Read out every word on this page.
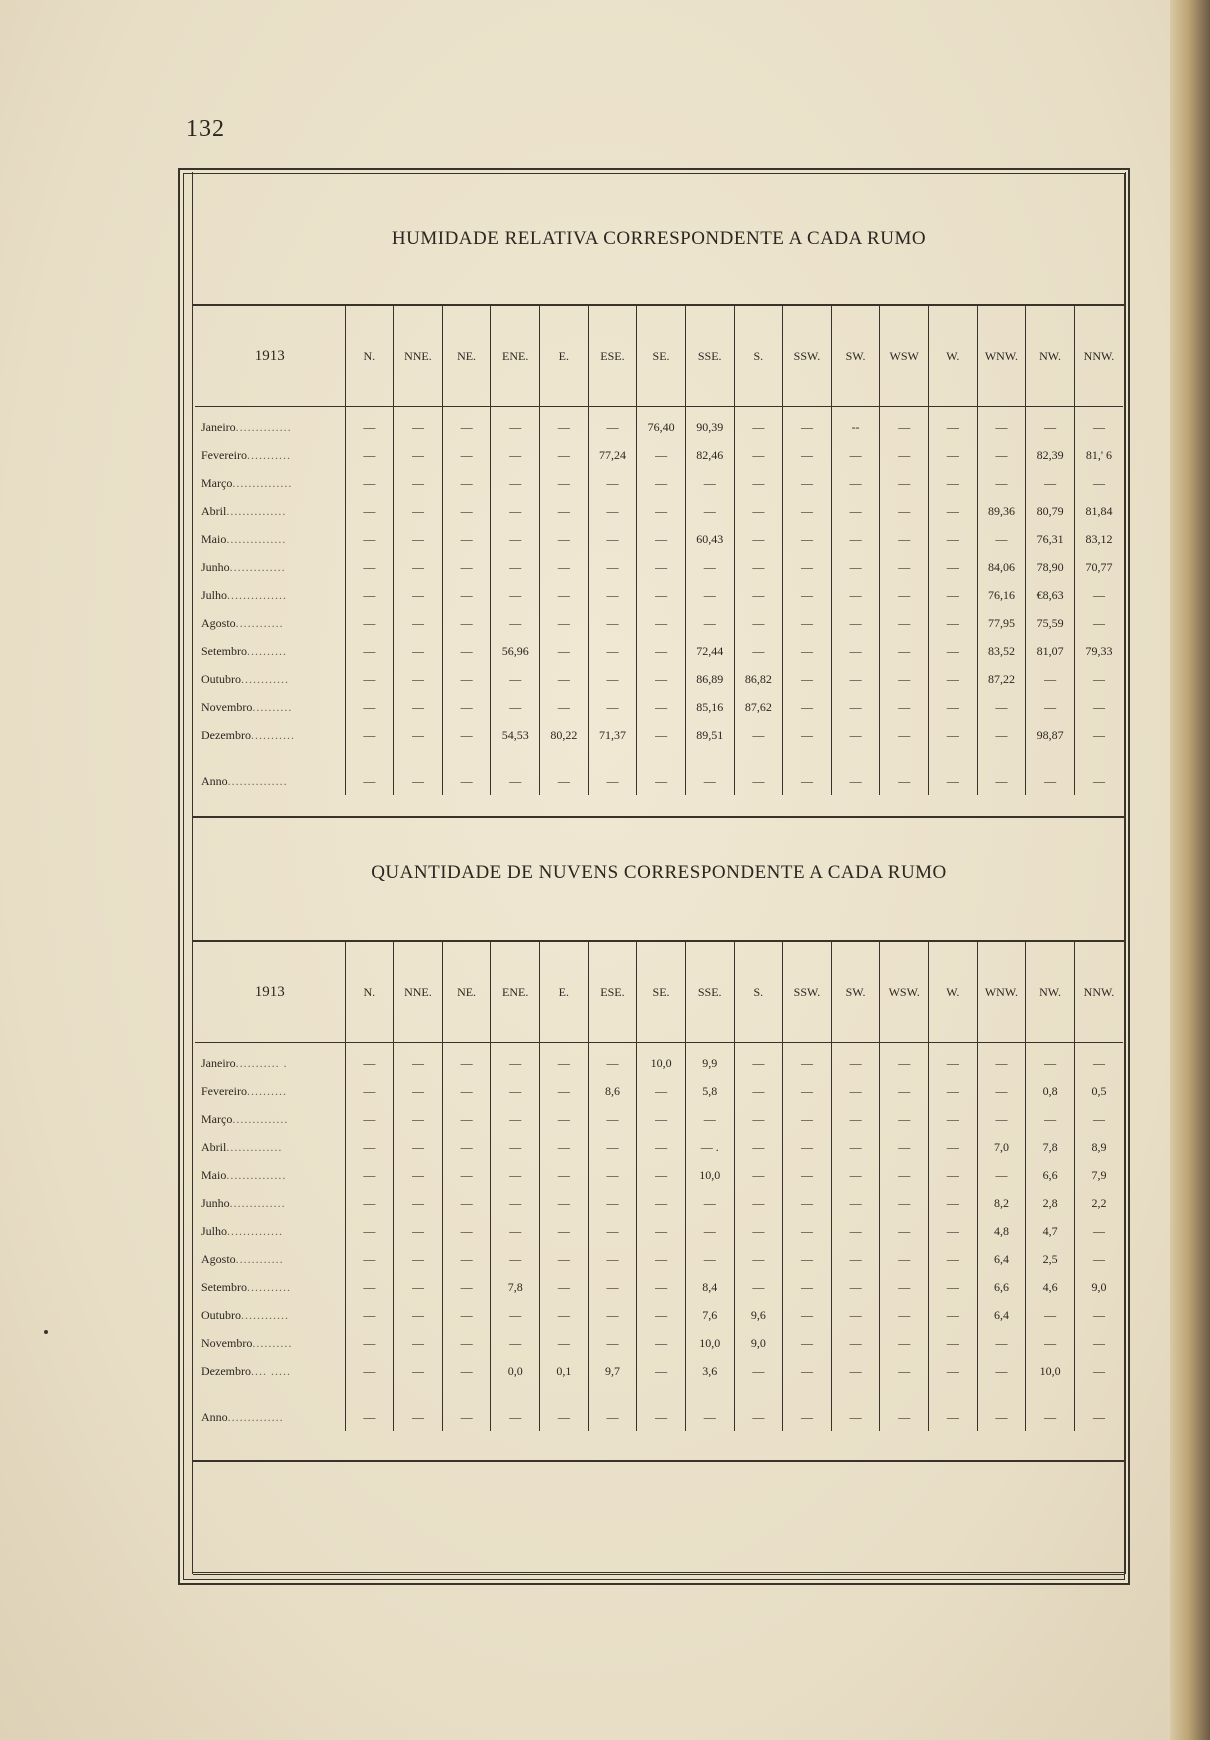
132
HUMIDADE RELATIVA CORRESPONDENTE A CADA RUMO
1913	N.	NNE.	NE.	ENE.	E.	ESE.	SE.	SSE.	S.	SSW.	SW.	WSW	W.	WNW.	NW.	NNW.

Janeiro..............	—	—	—	—	—	—	76,40	90,39	—	—	--	—	—	—	—	—
Fevereiro...........	—	—	—	—	—	77,24	—	82,46	—	—	—	—	—	—	82,39	81,' 6
Março...............	—	—	—	—	—	—	—	—	—	—	—	—	—	—	—	—
Abril...............	—	—	—	—	—	—	—	—	—	—	—	—	—	89,36	80,79	81,84
Maio...............	—	—	—	—	—	—	—	60,43	—	—	—	—	—	—	76,31	83,12
Junho..............	—	—	—	—	—	—	—	—	—	—	—	—	—	84,06	78,90	70,77
Julho...............	—	—	—	—	—	—	—	—	—	—	—	—	—	76,16	€8,63	—
Agosto............	—	—	—	—	—	—	—	—	—	—	—	—	—	77,95	75,59	—
Setembro..........	—	—	—	56,96	—	—	—	72,44	—	—	—	—	—	83,52	81,07	79,33
Outubro............	—	—	—	—	—	—	—	86,89	86,82	—	—	—	—	87,22	—	—
Novembro..........	—	—	—	—	—	—	—	85,16	87,62	—	—	—	—	—	—	—
Dezembro...........	—	—	—	54,53	80,22	71,37	—	89,51	—	—	—	—	—	—	98,87	—
Anno...............	—	—	—	—	—	—	—	—	—	—	—	—	—	—	—	—
QUANTIDADE DE NUVENS CORRESPONDENTE A CADA RUMO
1913	N.	NNE.	NE.	ENE.	E.	ESE.	SE.	SSE.	S.	SSW.	SW.	WSW.	W.	WNW.	NW.	NNW.

Janeiro........... .	—	—	—	—	—	—	10,0	9,9	—	—	—	—	—	—	—	—
Fevereiro..........	—	—	—	—	—	8,6	—	5,8	—	—	—	—	—	—	0,8	0,5
Março..............	—	—	—	—	—	—	—	—	—	—	—	—	—	—	—	—
Abril..............	—	—	—	—	—	—	—	— .	—	—	—	—	—	7,0	7,8	8,9
Maio...............	—	—	—	—	—	—	—	10,0	—	—	—	—	—	—	6,6	7,9
Junho..............	—	—	—	—	—	—	—	—	—	—	—	—	—	8,2	2,8	2,2
Julho..............	—	—	—	—	—	—	—	—	—	—	—	—	—	4,8	4,7	—
Agosto............	—	—	—	—	—	—	—	—	—	—	—	—	—	6,4	2,5	—
Setembro...........	—	—	—	7,8	—	—	—	8,4	—	—	—	—	—	6,6	4,6	9,0
Outubro............	—	—	—	—	—	—	—	7,6	9,6	—	—	—	—	6,4	—	—
Novembro..........	—	—	—	—	—	—	—	10,0	9,0	—	—	—	—	—	—	—
Dezembro.... .....	—	—	—	0,0	0,1	9,7	—	3,6	—	—	—	—	—	—	10,0	—
Anno..............	—	—	—	—	—	—	—	—	—	—	—	—	—	—	—	—
